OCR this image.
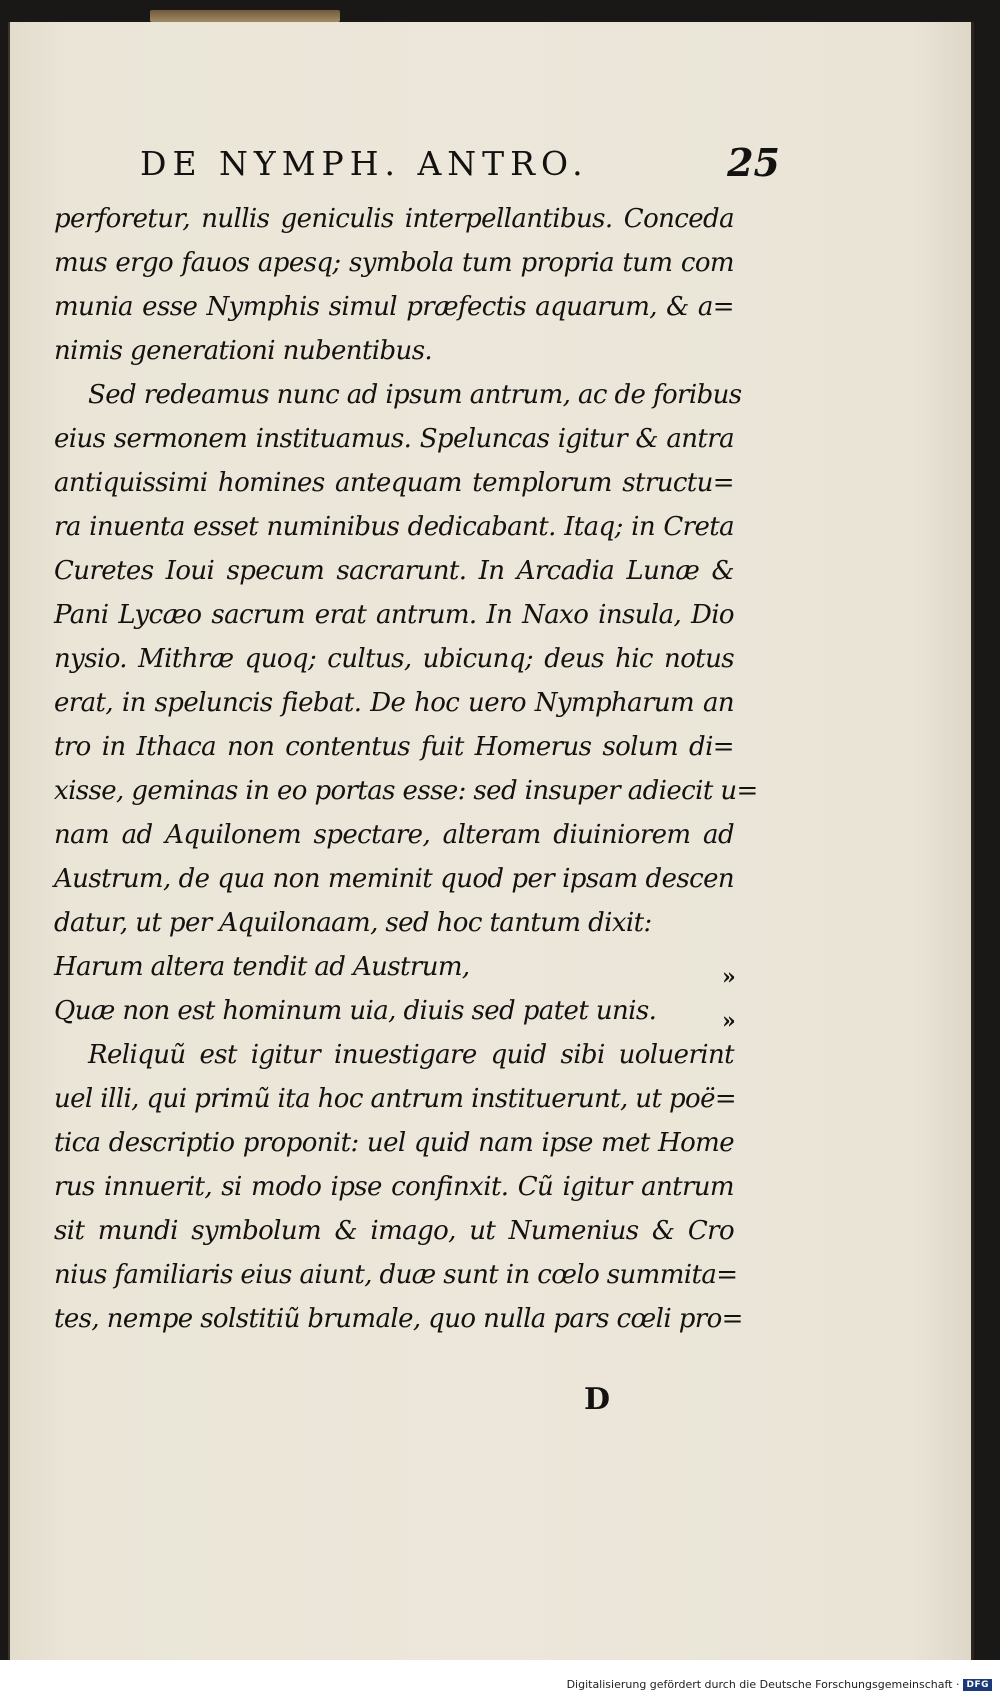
DE NYMPH. ANTRO.	25
perforetur, nullis geniculis interpellantibus. Conceda
mus ergo fauos apesq; symbola tum propria tum com
munia esse Nymphis simul præfectis aquarum, & a=
nimis generationi nubentibus.
Sed redeamus nunc ad ipsum antrum, ac de foribus
eius sermonem instituamus. Speluncas igitur & antra
antiquissimi homines antequam templorum structu=
ra inuenta esset numinibus dedicabant. Itaq; in Creta
Curetes Ioui specum sacrarunt. In Arcadia Lunæ &
Pani Lycæo sacrum erat antrum. In Naxo insula, Dio
nysio. Mithræ quoq; cultus, ubicunq; deus hic notus
erat, in speluncis fiebat. De hoc uero Nympharum an
tro in Ithaca non contentus fuit Homerus solum di=
xisse, geminas in eo portas esse: sed insuper adiecit u=
nam ad Aquilonem spectare, alteram diuiniorem ad
Austrum, de qua non meminit quod per ipsam descen
datur, ut per Aquilonaam, sed hoc tantum dixit:
Harum altera tendit ad Austrum,
Quæ non est hominum uia, diuis sed patet unis.
Reliquũ est igitur inuestigare quid sibi uoluerint
uel illi, qui primũ ita hoc antrum instituerunt, ut poë=
tica descriptio proponit: uel quid nam ipse met Home
rus innuerit, si modo ipse confinxit. Cũ igitur antrum
sit mundi symbolum & imago, ut Numenius & Cro
nius familiaris eius aiunt, duæ sunt in cœlo summita=
tes, nempe solstitiũ brumale, quo nulla pars cœli pro=
»
»
D
Digitalisierung gefördert durch die Deutsche Forschungsgemeinschaft · DFG
